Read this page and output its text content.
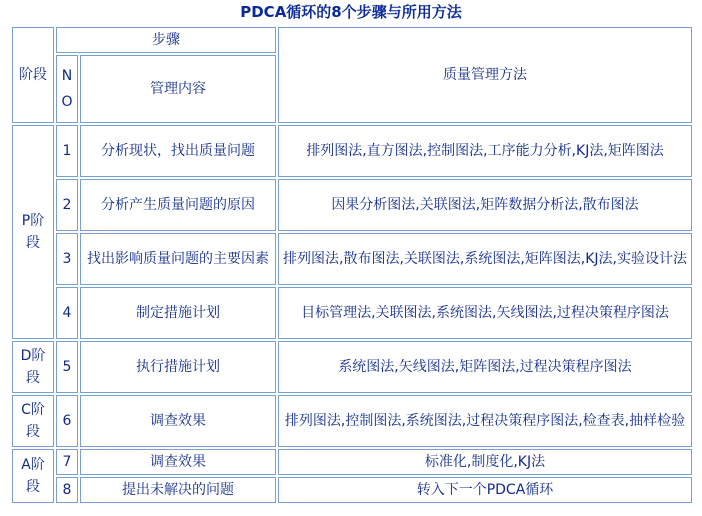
PDCA循环的8个步骤与所用方法
阶段	步骤		质量管理方法

	NO	管理内容	

P阶段	1	分析现状，找出质量问题	排列图法,直方图法,控制图法,工序能力分析,KJ法,矩阵图法
	2	分析产生质量问题的原因	因果分析图法,关联图法,矩阵数据分析法,散布图法
	3	找出影响质量问题的主要因素	排列图法,散布图法,关联图法,系统图法,矩阵图法,KJ法,实验设计法
	4	制定措施计划	目标管理法,关联图法,系统图法,矢线图法,过程决策程序图法
D阶段	5	执行措施计划	系统图法,矢线图法,矩阵图法,过程决策程序图法
C阶段	6	调查效果	排列图法,控制图法,系统图法,过程决策程序图法,检查表,抽样检验
A阶段	7	调查效果	标准化,制度化,KJ法
	8	提出未解决的问题	转入下一个PDCA循环
